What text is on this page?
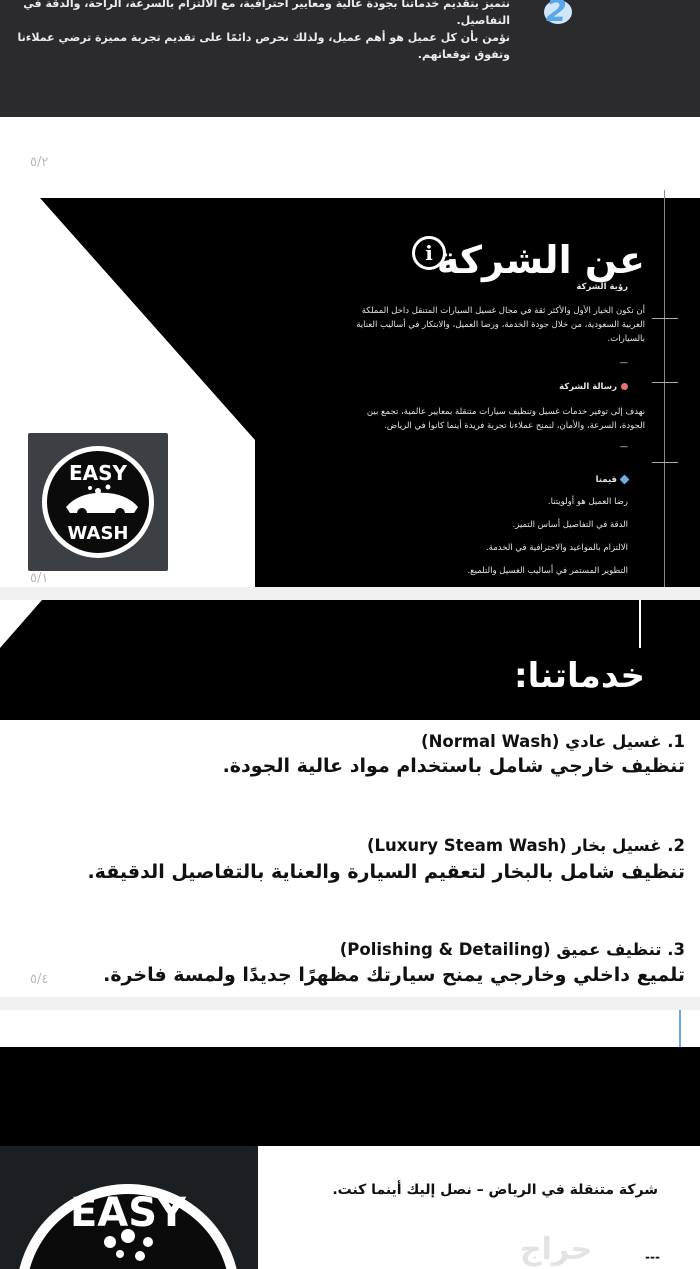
نتميز بتقديم خدماتنا بجودة عالية ومعايير احترافية، مع الالتزام بالسرعة، الراحة، والدقة في
التفاصيل.
نؤمن بأن كل عميل هو أهم عميل، ولذلك نحرص دائمًا على تقديم تجربة مميزة ترضي عملاءنا
وتفوق توقعاتهم.
2
٥/٢
عن الشركة
i
رؤية الشركة
أن نكون الخيار الأول والأكثر ثقة في مجال غسيل السيارات المتنقل داخل المملكة
العربية السعودية، من خلال جودة الخدمة، ورضا العميل، والابتكار في أساليب العناية
بالسيارات.
—
رسالة الشركة
نهدف إلى توفير خدمات غسيل وتنظيف سيارات متنقلة بمعايير عالمية، تجمع بين
الجودة، السرعة، والأمان، لنمنح عملاءنا تجربة فريدة أينما كانوا في الرياض.
—
قيمنا
رضا العميل هو أولويتنا.
الدقة في التفاصيل أساس التميز.
الالتزام بالمواعيد والاحترافية في الخدمة.
التطوير المستمر في أساليب الغسيل والتلميع.
EASY
WASH
٥/١
خدماتنا:
1. غسيل عادي (Normal Wash)
تنظيف خارجي شامل باستخدام مواد عالية الجودة.
2. غسيل بخار (Luxury Steam Wash)
تنظيف شامل بالبخار لتعقيم السيارة والعناية بالتفاصيل الدقيقة.
3. تنظيف عميق (Polishing & Detailing)
تلميع داخلي وخارجي يمنح سيارتك مظهرًا جديدًا ولمسة فاخرة.
٥/٤
EASY	شركة متنقلة في الرياض – نصل إليك أينما كنت.
---
حراج
